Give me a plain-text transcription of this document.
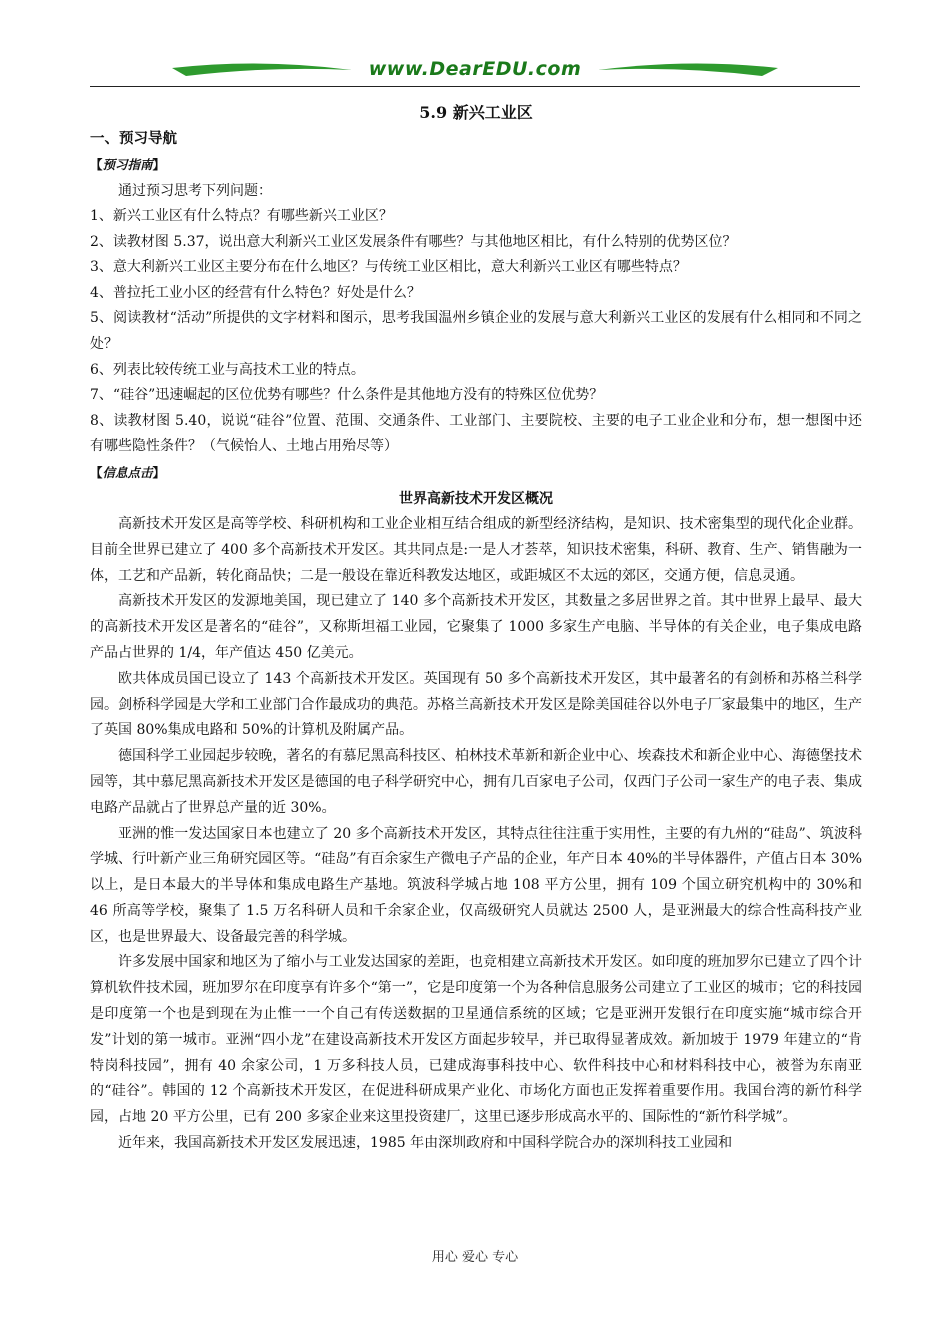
www.DearEDU.com

5.9 新兴工业区

一、预习导航

【预习指南】

通过预习思考下列问题：

1、新兴工业区有什么特点？有哪些新兴工业区？

2、读教材图 5.37，说出意大利新兴工业区发展条件有哪些？与其他地区相比，有什么特别的优势区位？

3、意大利新兴工业区主要分布在什么地区？与传统工业区相比，意大利新兴工业区有哪些特点？

4、普拉托工业小区的经营有什么特色？好处是什么？

5、阅读教材“活动”所提供的文字材料和图示，思考我国温州乡镇企业的发展与意大利新兴工业区的发展有什么相同和不同之处？

6、列表比较传统工业与高技术工业的特点。

7、“硅谷”迅速崛起的区位优势有哪些？什么条件是其他地方没有的特殊区位优势？

8、读教材图 5.40，说说“硅谷”位置、范围、交通条件、工业部门、主要院校、主要的电子工业企业和分布，想一想图中还有哪些隐性条件？（气候怡人、土地占用殆尽等）

【信息点击】

世界高新技术开发区概况

高新技术开发区是高等学校、科研机构和工业企业相互结合组成的新型经济结构，是知识、技术密集型的现代化企业群。目前全世界已建立了 400 多个高新技术开发区。其共同点是:一是人才荟萃，知识技术密集，科研、教育、生产、销售融为一体，工艺和产品新，转化商品快；二是一般设在靠近科教发达地区，或距城区不太远的郊区，交通方便，信息灵通。

高新技术开发区的发源地美国，现已建立了 140 多个高新技术开发区，其数量之多居世界之首。其中世界上最早、最大的高新技术开发区是著名的“硅谷”，又称斯坦福工业园，它聚集了 1000 多家生产电脑、半导体的有关企业，电子集成电路产品占世界的 1/4，年产值达 450 亿美元。

欧共体成员国已设立了 143 个高新技术开发区。英国现有 50 多个高新技术开发区，其中最著名的有剑桥和苏格兰科学园。剑桥科学园是大学和工业部门合作最成功的典范。苏格兰高新技术开发区是除美国硅谷以外电子厂家最集中的地区，生产了英国 80%集成电路和 50%的计算机及附属产品。

德国科学工业园起步较晚，著名的有慕尼黑高科技区、柏林技术革新和新企业中心、埃森技术和新企业中心、海德堡技术园等，其中慕尼黑高新技术开发区是德国的电子科学研究中心，拥有几百家电子公司，仅西门子公司一家生产的电子表、集成电路产品就占了世界总产量的近 30%。

亚洲的惟一发达国家日本也建立了 20 多个高新技术开发区，其特点往往注重于实用性，主要的有九州的“硅岛”、筑波科学城、行叶新产业三角研究园区等。“硅岛”有百余家生产微电子产品的企业，年产日本 40%的半导体器件，产值占日本 30%以上，是日本最大的半导体和集成电路生产基地。筑波科学城占地 108 平方公里，拥有 109 个国立研究机构中的 30%和 46 所高等学校，聚集了 1.5 万名科研人员和千余家企业，仅高级研究人员就达 2500 人，是亚洲最大的综合性高科技产业区，也是世界最大、设备最完善的科学城。

许多发展中国家和地区为了缩小与工业发达国家的差距，也竞相建立高新技术开发区。如印度的班加罗尔已建立了四个计算机软件技术园，班加罗尔在印度享有许多个“第一”，它是印度第一个为各种信息服务公司建立了工业区的城市；它的科技园是印度第一个也是到现在为止惟一一个自己有传送数据的卫星通信系统的区域；它是亚洲开发银行在印度实施“城市综合开发”计划的第一城市。亚洲“四小龙”在建设高新技术开发区方面起步较早，并已取得显著成效。新加坡于 1979 年建立的“肯特岗科技园”，拥有 40 余家公司，1 万多科技人员，已建成海事科技中心、软件科技中心和材料科技中心，被誉为东南亚的“硅谷”。韩国的 12 个高新技术开发区，在促进科研成果产业化、市场化方面也正发挥着重要作用。我国台湾的新竹科学园，占地 20 平方公里，已有 200 多家企业来这里投资建厂，这里已逐步形成高水平的、国际性的“新竹科学城”。

近年来，我国高新技术开发区发展迅速，1985 年由深圳政府和中国科学院合办的深圳科技工业园和

用心 爱心 专心
